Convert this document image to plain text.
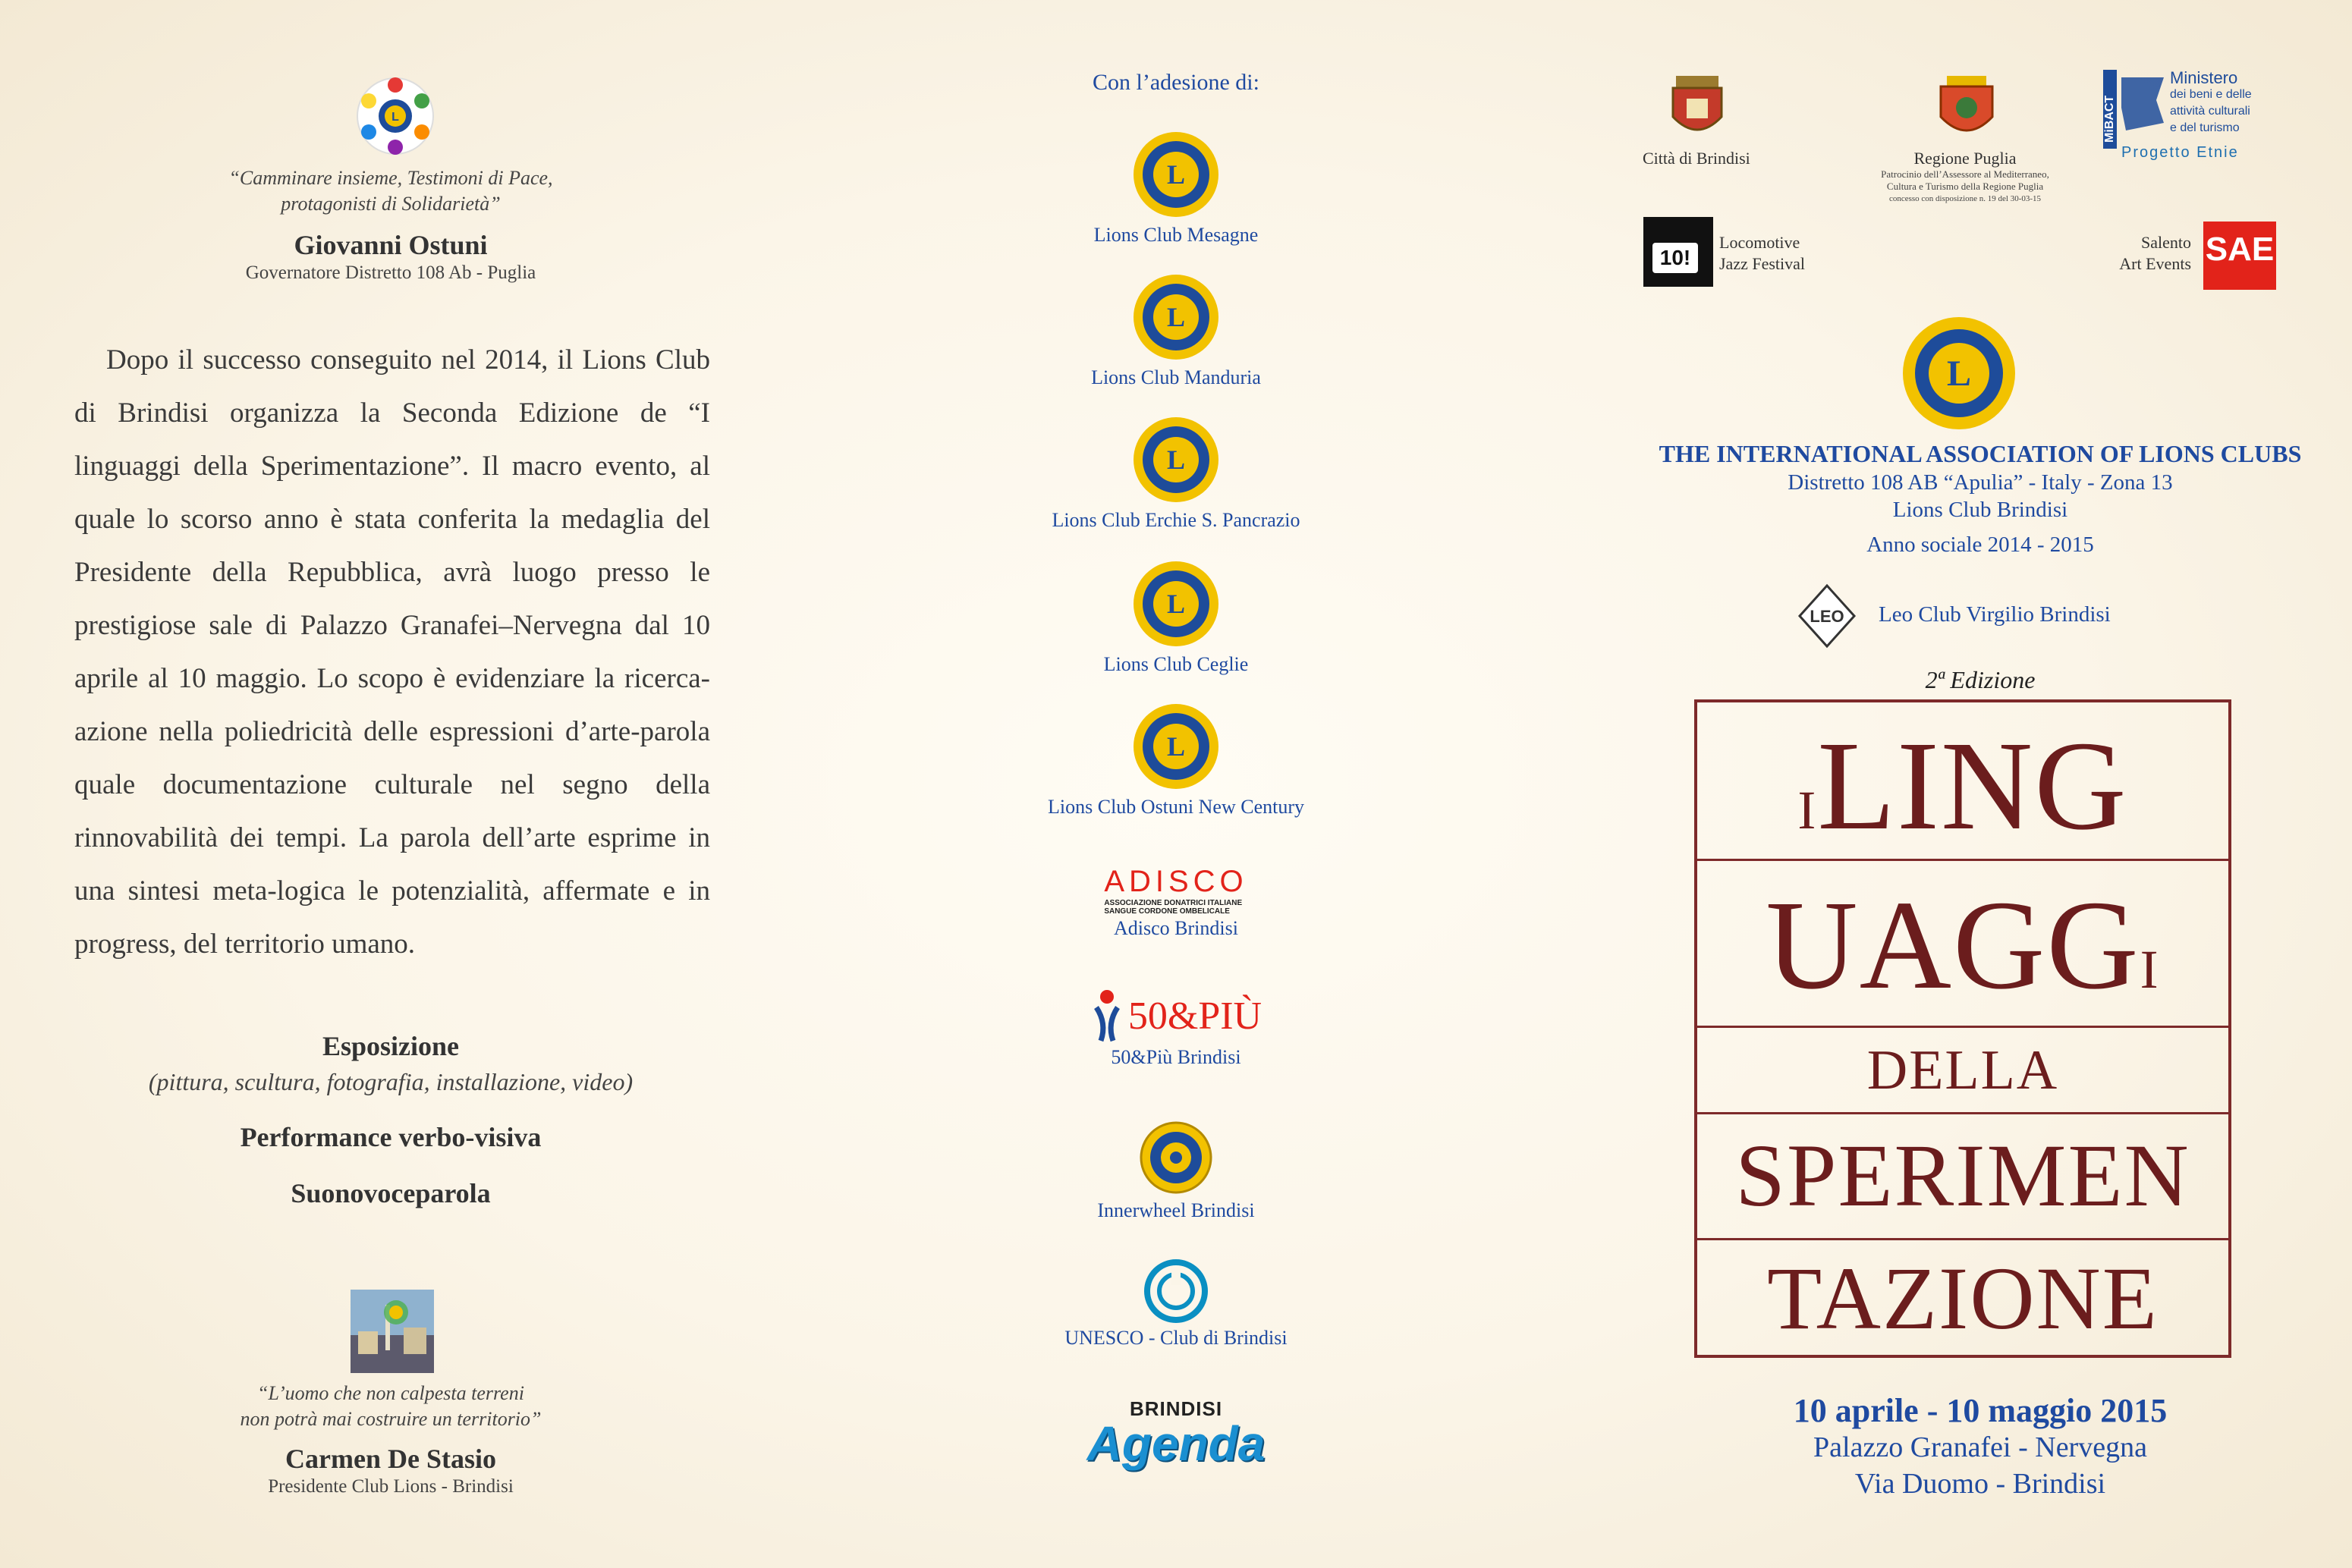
L
“Camminare insieme, Testimoni di Pace,
protagonisti di Solidarietà”
Giovanni Ostuni
Governatore Distretto 108 Ab - Puglia

Dopo il successo conseguito nel 2014, il Lions Club di Brindisi organizza la Seconda Edizione de “I linguaggi della Sperimentazione”. Il macro evento, al quale lo scorso anno è stata conferita la medaglia del Presidente della Repubblica, avrà luogo presso le prestigiose sale di Palazzo Granafei–Nervegna dal 10 aprile al 10 maggio. Lo scopo è evidenziare la ricerca-azione nella poliedricità delle espressioni d’arte-parola quale documentazione culturale nel segno della rinnovabilità dei tempi. La parola dell’arte esprime in una sintesi meta-logica le potenzialità, affermate e in progress, del territorio umano.

Esposizione
(pittura, scultura, fotografia, installazione, video)
Performance verbo-visiva
Suonovoceparola
“L’uomo che non calpesta terreni
non potrà mai costruire un territorio”
Carmen De Stasio
Presidente Club Lions - Brindisi
Con l’adesione di:
L
Lions Club Mesagne
L
Lions Club Manduria
L
Lions Club Erchie S. Pancrazio
L
Lions Club Ceglie
L
Lions Club Ostuni New Century
ADISCO
ASSOCIAZIONE DONATRICI ITALIANE
SANGUE CORDONE OMBELICALE
Adisco Brindisi
50&PIÙ
50&Più Brindisi
Innerwheel Brindisi
UNESCO - Club di Brindisi
BRINDISI
Agenda
Città di Brindisi	Regione Puglia
Patrocinio dell’Assessore al Mediterraneo,
Cultura e Turismo della Regione Puglia
concesso con disposizione n. 19 del 30-03-15
MiBACT
Ministero
dei beni e delle
attività culturali
e del turismo
Progetto Etnie
10!
Locomotive
Jazz Festival
Salento
Art Events SAE
L
THE INTERNATIONAL ASSOCIATION OF LIONS CLUBS
Distretto 108 AB “Apulia” - Italy - Zona 13
Lions Club Brindisi
Anno sociale 2014 - 2015
LEO Leo Club Virgilio Brindisi
2ª Edizione
ILING
UAGGI
DELLA
SPERIMEN
TAZIONE
10 aprile - 10 maggio 2015
Palazzo Granafei - Nervegna
Via Duomo - Brindisi
